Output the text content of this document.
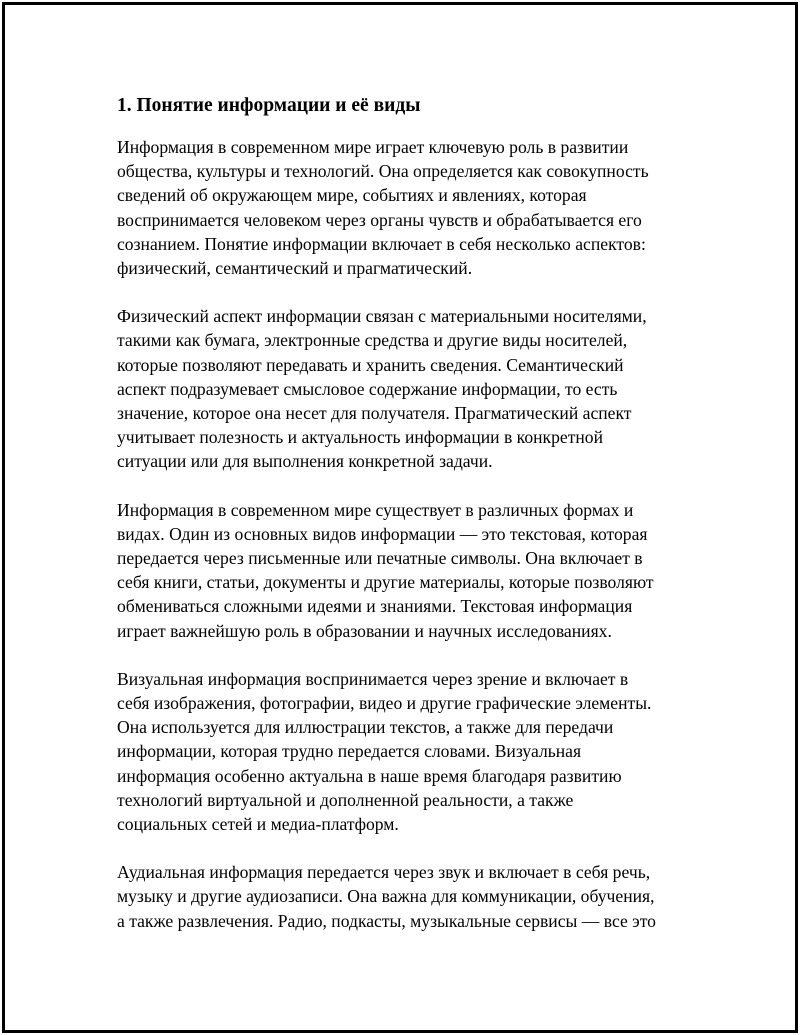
1. Понятие информации и её виды
Информация в современном мире играет ключевую роль в развитии
общества, культуры и технологий. Она определяется как совокупность
сведений об окружающем мире, событиях и явлениях, которая
воспринимается человеком через органы чувств и обрабатывается его
сознанием. Понятие информации включает в себя несколько аспектов:
физический, семантический и прагматический.
Физический аспект информации связан с материальными носителями,
такими как бумага, электронные средства и другие виды носителей,
которые позволяют передавать и хранить сведения. Семантический
аспект подразумевает смысловое содержание информации, то есть
значение, которое она несет для получателя. Прагматический аспект
учитывает полезность и актуальность информации в конкретной
ситуации или для выполнения конкретной задачи.
Информация в современном мире существует в различных формах и
видах. Один из основных видов информации — это текстовая, которая
передается через письменные или печатные символы. Она включает в
себя книги, статьи, документы и другие материалы, которые позволяют
обмениваться сложными идеями и знаниями. Текстовая информация
играет важнейшую роль в образовании и научных исследованиях.
Визуальная информация воспринимается через зрение и включает в
себя изображения, фотографии, видео и другие графические элементы.
Она используется для иллюстрации текстов, а также для передачи
информации, которая трудно передается словами. Визуальная
информация особенно актуальна в наше время благодаря развитию
технологий виртуальной и дополненной реальности, а также
социальных сетей и медиа-платформ.
Аудиальная информация передается через звук и включает в себя речь,
музыку и другие аудиозаписи. Она важна для коммуникации, обучения,
а также развлечения. Радио, подкасты, музыкальные сервисы — все это
